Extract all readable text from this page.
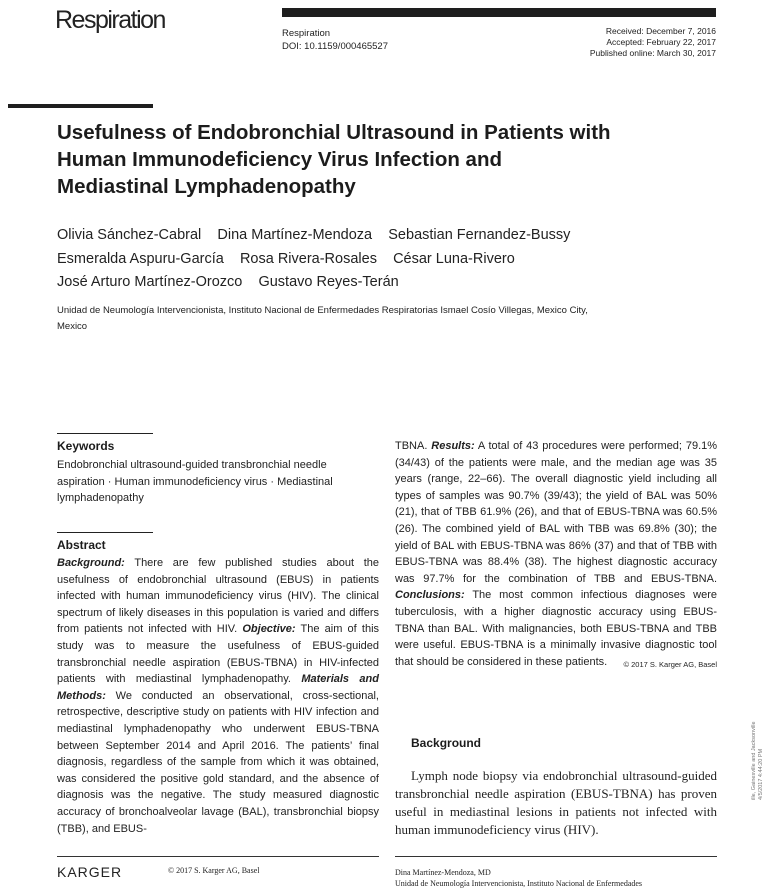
Respiration	Respiration
DOI: 10.1159/000465527
Received: December 7, 2016
Accepted: February 22, 2017
Published online: March 30, 2017
Usefulness of Endobronchial Ultrasound in Patients with Human Immunodeficiency Virus Infection and Mediastinal Lymphadenopathy
Olivia Sánchez-Cabral Dina Martínez-Mendoza Sebastian Fernandez-Bussy
Esmeralda Aspuru-García Rosa Rivera-Rosales César Luna-Rivero
José Arturo Martínez-Orozco Gustavo Reyes-Terán
Unidad de Neumología Intervencionista, Instituto Nacional de Enfermedades Respiratorias Ismael Cosío Villegas, Mexico City, Mexico
Keywords
Endobronchial ultrasound-guided transbronchial needle aspiration · Human immunodeficiency virus · Mediastinal lymphadenopathy
Abstract
Background: There are few published studies about the usefulness of endobronchial ultrasound (EBUS) in patients infected with human immunodeficiency virus (HIV). The clinical spectrum of likely diseases in this population is varied and differs from patients not infected with HIV. Objective: The aim of this study was to measure the usefulness of EBUS-guided transbronchial needle aspiration (EBUS-TBNA) in HIV-infected patients with mediastinal lymphadenopathy. Materials and Methods: We conducted an observational, cross-sectional, retrospective, descriptive study on patients with HIV infection and mediastinal lymphadenopathy who underwent EBUS-TBNA between September 2014 and April 2016. The patients’ final diagnosis, regardless of the sample from which it was obtained, was considered the positive gold standard, and the absence of diagnosis was the negative. The study measured diagnostic accuracy of bronchoalveolar lavage (BAL), transbronchial biopsy (TBB), and EBUS-
TBNA. Results: A total of 43 procedures were performed; 79.1% (34/43) of the patients were male, and the median age was 35 years (range, 22–66). The overall diagnostic yield including all types of samples was 90.7% (39/43); the yield of BAL was 50% (21), that of TBB 61.9% (26), and that of EBUS-TBNA was 60.5% (26). The combined yield of BAL with TBB was 69.8% (30); the yield of BAL with EBUS-TBNA was 86% (37) and that of TBB with EBUS-TBNA was 88.4% (38). The highest diagnostic accuracy was 97.7% for the combination of TBB and EBUS-TBNA. Conclusions: The most common infectious diagnoses were tuberculosis, with a higher diagnostic accuracy using EBUS-TBNA than BAL. With malignancies, both EBUS-TBNA and TBB were useful. EBUS-TBNA is a minimally invasive diagnostic tool that should be considered in these patients. © 2017 S. Karger AG, Basel
Background
Lymph node biopsy via endobronchial ultrasound-guided transbronchial needle aspiration (EBUS-TBNA) has proven useful in mediastinal lesions in patients not infected with human immunodeficiency virus (HIV).
KARGER	© 2017 S. Karger AG, Basel	Dina Martínez-Mendoza, MD
Unidad de Neumología Intervencionista, Instituto Nacional de Enfermedades
ille, Gainesville and Jacksonville 4/5/2017 4:44:20 PM
